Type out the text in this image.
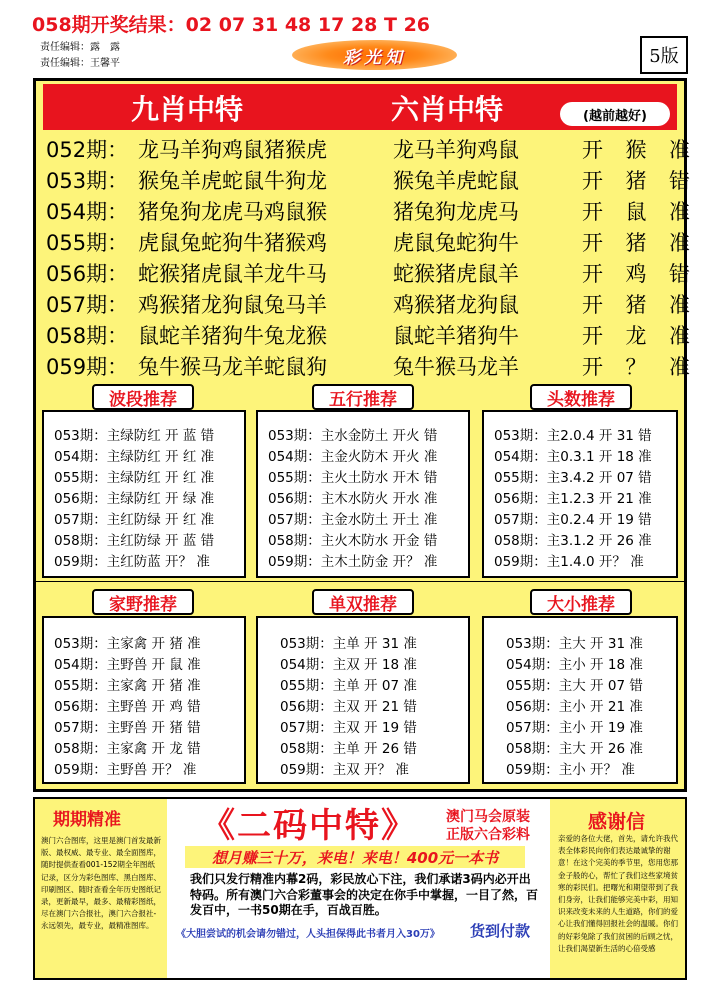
058期开奖结果：02 07 31 48 17 28 T 26
责任编辑：露　露
责任编辑：王馨平	彩光知	5版
九肖中特	六肖中特	(越前越好)
052期： 龙马羊狗鸡鼠猪猴虎	龙马羊狗鸡鼠	开 猴 准
053期： 猴兔羊虎蛇鼠牛狗龙	猴兔羊虎蛇鼠	开 猪 错
054期： 猪兔狗龙虎马鸡鼠猴	猪兔狗龙虎马	开 鼠 准
055期： 虎鼠兔蛇狗牛猪猴鸡	虎鼠兔蛇狗牛	开 猪 准
056期： 蛇猴猪虎鼠羊龙牛马	蛇猴猪虎鼠羊	开 鸡 错
057期： 鸡猴猪龙狗鼠兔马羊	鸡猴猪龙狗鼠	开 猪 准
058期： 鼠蛇羊猪狗牛兔龙猴	鼠蛇羊猪狗牛	开 龙 准
059期： 兔牛猴马龙羊蛇鼠狗	兔牛猴马龙羊	开 ？ 准
053期：主绿防红 开 蓝 错
054期：主绿防红 开 红 准
055期：主绿防红 开 红 准
056期：主绿防红 开 绿 准
057期：主红防绿 开 红 准
058期：主红防绿 开 蓝 错
059期：主红防蓝 开？ 准
053期：主水金防土 开火 错
054期：主金火防木 开火 准
055期：主火土防水 开木 错
056期：主木水防火 开水 准
057期：主金水防土 开土 准
058期：主火木防水 开金 错
059期：主木土防金 开？ 准
053期：主2.0.4 开 31 错
054期：主0.3.1 开 18 准
055期：主3.4.2 开 07 错
056期：主1.2.3 开 21 准
057期：主0.2.4 开 19 错
058期：主3.1.2 开 26 准
059期：主1.4.0 开？ 准
波段推荐	五行推荐	头数推荐
053期：主家禽 开 猪 准
054期：主野兽 开 鼠 准
055期：主家禽 开 猪 准
056期：主野兽 开 鸡 错
057期：主野兽 开 猪 错
058期：主家禽 开 龙 错
059期：主野兽 开？ 准
053期：主单 开 31 准
054期：主双 开 18 准
055期：主单 开 07 准
056期：主双 开 21 错
057期：主双 开 19 错
058期：主单 开 26 错
059期：主双 开？ 准
053期：主大 开 31 准
054期：主小 开 18 准
055期：主大 开 07 错
056期：主小 开 21 准
057期：主小 开 19 准
058期：主大 开 26 准
059期：主小 开？ 准
家野推荐	单双推荐	大小推荐
期期精准
澳门六合图库，这里是澳门首发最新版、最权威、最专业、最全面图库，随时提供查看001-152期全年图纸记录，区分为彩色图库、黑白图库、印刷图区、随时查看全年历史图纸记录，更新最早，最多、最精彩图纸，尽在澳门六合报社，澳门六合报社-永远领先，最专业，最精准图库。
《二码中特》	澳门马会原装
正版六合彩料
想月赚三十万，来电！来电！400元一本书
我们只发行精准内幕2码，彩民放心下注，我们承诺3码内必开出特码。所有澳门六合彩董事会的决定在你手中掌握，一目了然，百发百中，一书50期在手，百战百胜。
《大胆尝试的机会请勿错过，人头担保得此书者月入30万》 货到付款
感谢信
亲爱的各位大佬，首先，请允许我代表全体彩民向你们表达最诚挚的谢意！在这个完美的季节里，您用您那金子般的心，帮忙了我们这些家境贫寒的彩民们。把曙光和期望带到了我们身旁，让我们能够完美中彩，用知识来改变未来的人生道路，你们的爱心让我们懂得回报社会的温暖。你们的好彩兔除了我们贫困的后顾之忧，让我们渴望新生活的心倍受感
